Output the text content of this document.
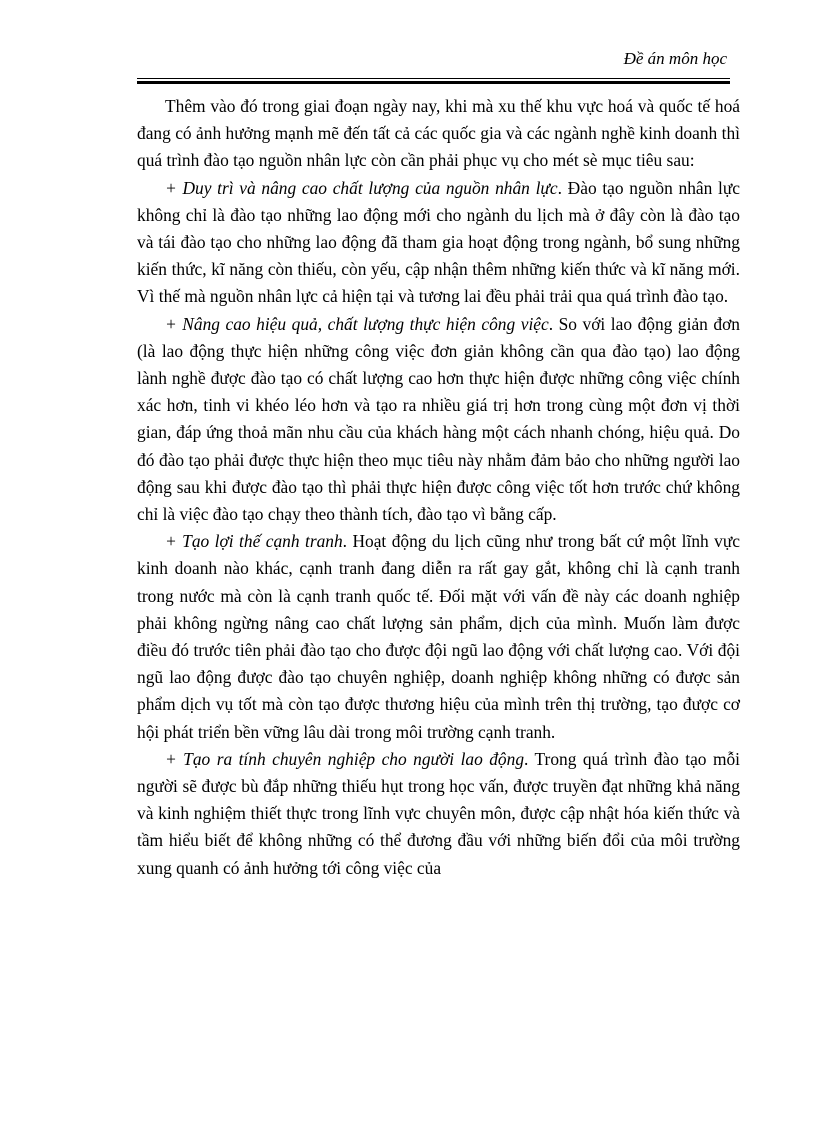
Đề án môn học

Thêm vào đó trong giai đoạn ngày nay, khi mà xu thế khu vực hoá và quốc tế hoá đang có ảnh hưởng mạnh mẽ đến tất cả các quốc gia và các ngành nghề kinh doanh thì quá trình đào tạo nguồn nhân lực còn cần phải phục vụ cho mét sè mục tiêu sau:

+ Duy trì và nâng cao chất lượng của nguồn nhân lực. Đào tạo nguồn nhân lực không chỉ là đào tạo những lao động mới cho ngành du lịch mà ở đây còn là đào tạo và tái đào tạo cho những lao động đã tham gia hoạt động trong ngành, bổ sung những kiến thức, kĩ năng còn thiếu, còn yếu, cập nhận thêm những kiến thức và kĩ năng mới. Vì thế mà nguồn nhân lực cả hiện tại và tương lai đều phải trải qua quá trình đào tạo.

+ Nâng cao hiệu quả, chất lượng thực hiện công việc. So với lao động giản đơn (là lao động thực hiện những công việc đơn giản không cần qua đào tạo) lao động lành nghề được đào tạo có chất lượng cao hơn thực hiện được những công việc chính xác hơn, tinh vi khéo léo hơn và tạo ra nhiều giá trị hơn trong cùng một đơn vị thời gian, đáp ứng thoả mãn nhu cầu của khách hàng một cách nhanh chóng, hiệu quả. Do đó đào tạo phải được thực hiện theo mục tiêu này nhằm đảm bảo cho những người lao động sau khi được đào tạo thì phải thực hiện được công việc tốt hơn trước chứ không chỉ là việc đào tạo chạy theo thành tích, đào tạo vì bằng cấp.

+ Tạo lợi thế cạnh tranh. Hoạt động du lịch cũng như trong bất cứ một lĩnh vực kinh doanh nào khác, cạnh tranh đang diễn ra rất gay gắt, không chỉ là cạnh tranh trong nước mà còn là cạnh tranh quốc tế. Đối mặt với vấn đề này các doanh nghiệp phải không ngừng nâng cao chất lượng sản phẩm, dịch của mình. Muốn làm được điều đó trước tiên phải đào tạo cho được đội ngũ lao động với chất lượng cao. Với đội ngũ lao động được đào tạo chuyên nghiệp, doanh nghiệp không những có được sản phẩm dịch vụ tốt mà còn tạo được thương hiệu của mình trên thị trường, tạo được cơ hội phát triển bền vững lâu dài trong môi trường cạnh tranh.

+ Tạo ra tính chuyên nghiệp cho người lao động. Trong quá trình đào tạo mỗi người sẽ được bù đắp những thiếu hụt trong học vấn, được truyền đạt những khả năng và kinh nghiệm thiết thực trong lĩnh vực chuyên môn, được cập nhật hóa kiến thức và tầm hiểu biết để không những có thể đương đầu với những biến đổi của môi trường xung quanh có ảnh hưởng tới công việc của
